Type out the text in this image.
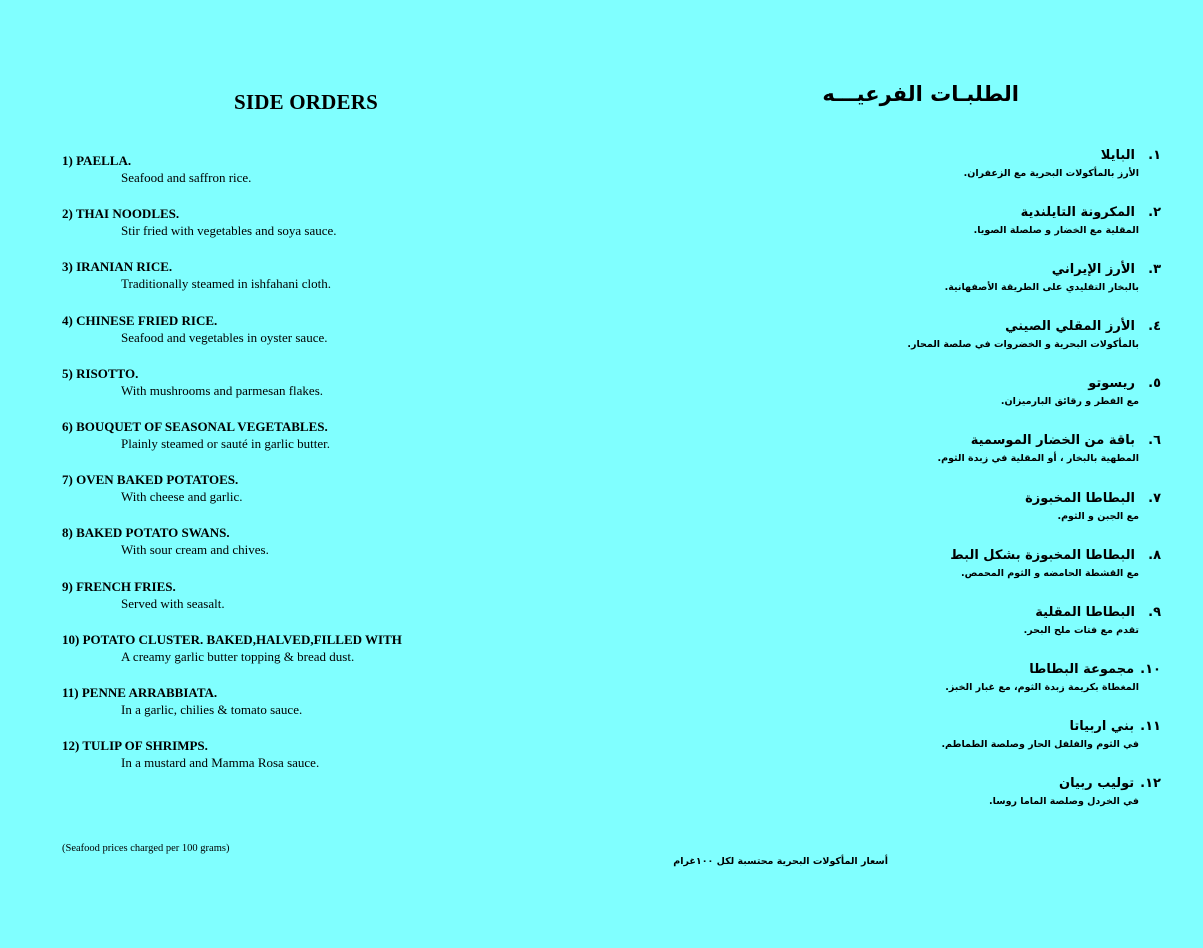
SIDE ORDERS
1) PAELLA.
Seafood and saffron rice.
2) THAI NOODLES.
Stir fried with vegetables and soya sauce.
3) IRANIAN RICE.
Traditionally steamed in ishfahani cloth.
4) CHINESE FRIED RICE.
Seafood and vegetables in oyster sauce.
5) RISOTTO.
With mushrooms and parmesan flakes.
6) BOUQUET OF SEASONAL VEGETABLES.
Plainly steamed or sauté in garlic butter.
7) OVEN BAKED POTATOES.
With cheese and garlic.
8) BAKED POTATO SWANS.
With sour cream and chives.
9) FRENCH FRIES.
Served with seasalt.
10) POTATO CLUSTER. BAKED,HALVED,FILLED WITH
A creamy garlic butter topping & bread dust.
11) PENNE ARRABBIATA.
In a garlic, chilies & tomato sauce.
12) TULIP OF SHRIMPS.
In a mustard and Mamma Rosa sauce.
(Seafood prices charged per 100 grams)
الطلبـات الفرعيـــه
١.البايلا
الأرز بالمأكولات البحرية مع الزعفران.
٢.المكرونة التايلندية
المقلية مع الخضار و صلصلة الصويا.
٣.الأرز الإيراني
بالبخار التقليدي على الطريقة الأصفهانية.
٤.الأرز المقلي الصيني
بالمأكولات البحرية و الخضروات في صلصة المحار.
٥.ريسوتو
مع الفطر و رقائق البارميزان.
٦.باقة من الخضار الموسمية
المطهية بالبخار ، أو المقلية في زبدة الثوم.
٧.البطاطا المخبوزة
مع الجبن و الثوم.
٨.البطاطا المخبوزة بشكل البط
مع القشطة الحامضه و الثوم المحمص.
٩.البطاطا المقلية
تقدم مع فتات ملح البحر.
١٠.مجموعة البطاطا
المغطاة بكريمة زبدة الثوم، مع غبار الخبز.
١١.بني اربياتا
في الثوم والفلفل الحار وصلصة الطماطم.
١٢.توليب ربيان
في الخردل وصلصة الماما روسا.
أسعار المأكولات البحرية محتسبة لكل ١٠٠غرام
